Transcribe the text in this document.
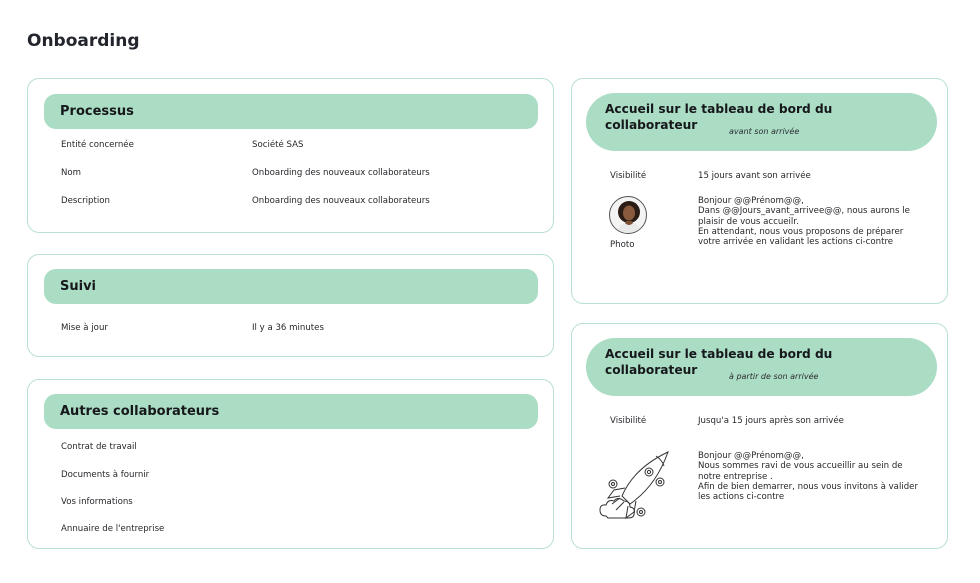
Onboarding
Processus
Entité concernée	Société SAS
Nom	Onboarding des nouveaux collaborateurs
Description	Onboarding des nouveaux collaborateurs
Suivi
Mise à jour	Il y a 36 minutes
Autres collaborateurs
Contrat de travail
Documents à fournir
Vos informations
Annuaire de l'entreprise
Accueil sur le tableau de bord du
collaborateur	avant son arrivée
Visibilité	15 jours avant son arrivée
Photo
Bonjour @@Prénom@@,
Dans @@Jours_avant_arrivee@@, nous aurons le
plaisir de vous accueilr.
En attendant, nous vous proposons de préparer
votre arrivée en validant les actions ci-contre
Accueil sur le tableau de bord du
collaborateur	à partir de son arrivée
Visibilité	Jusqu'a 15 jours après son arrivée
Bonjour @@Prénom@@,
Nous sommes ravi de vous accueillir au sein de
notre entreprise .
Afin de bien demarrer, nous vous invitons à valider
les actions ci-contre
